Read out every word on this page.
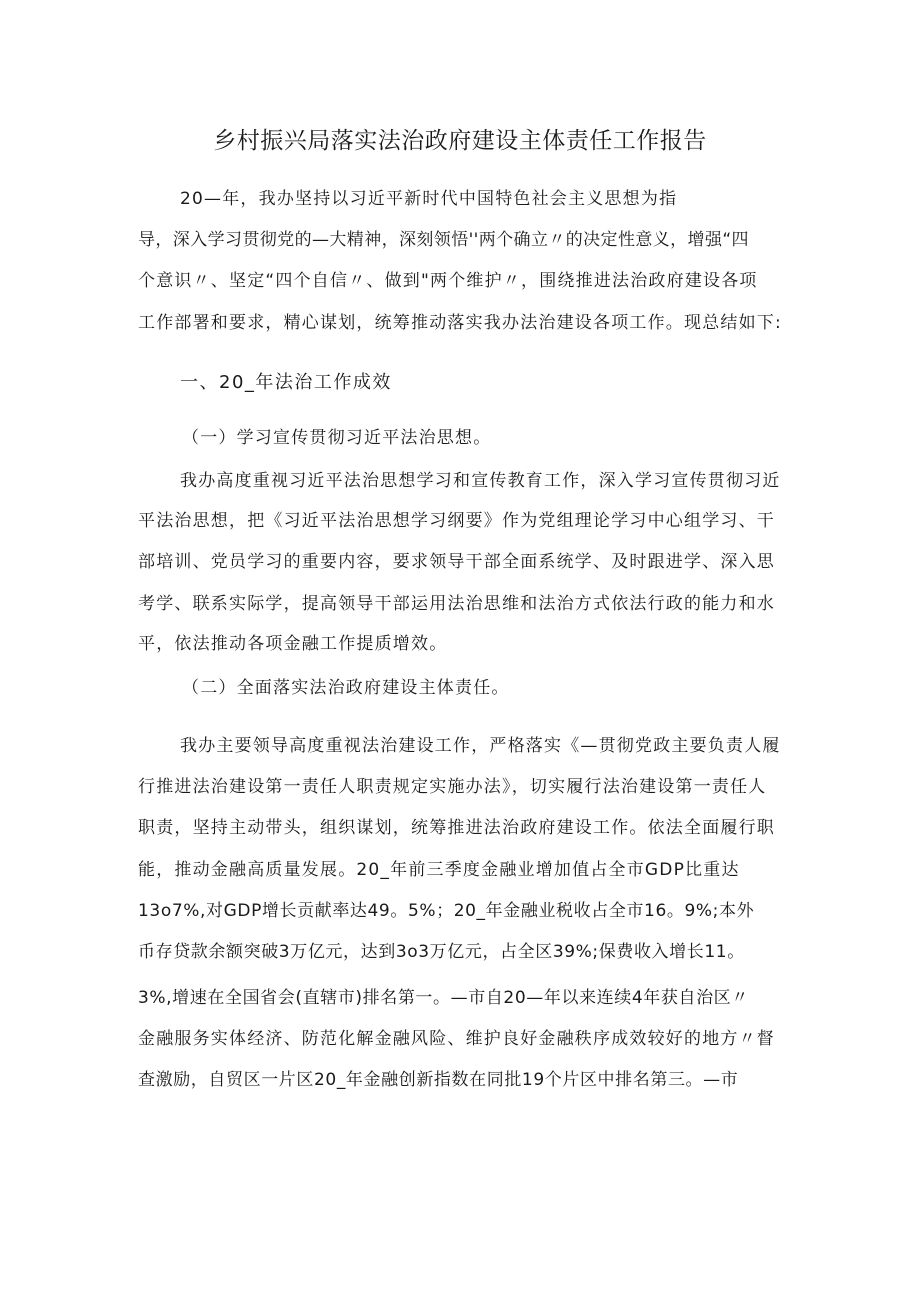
乡村振兴局落实法治政府建设主体责任工作报告
20—年，我办坚持以习近平新时代中国特色社会主义思想为指
导，深入学习贯彻党的—大精神，深刻领悟''两个确立〃的决定性意义，增强“四
个意识〃、坚定“四个自信〃、做到"两个维护〃，围绕推进法治政府建设各项
工作部署和要求，精心谋划，统筹推动落实我办法治建设各项工作。现总结如下:
一、20_年法治工作成效
（一）学习宣传贯彻习近平法治思想。
我办高度重视习近平法治思想学习和宣传教育工作，深入学习宣传贯彻习近
平法治思想，把《习近平法治思想学习纲要》作为党组理论学习中心组学习、干
部培训、党员学习的重要内容，要求领导干部全面系统学、及时跟进学、深入思
考学、联系实际学，提高领导干部运用法治思维和法治方式依法行政的能力和水
平，依法推动各项金融工作提质增效。
（二）全面落实法治政府建设主体责任。
我办主要领导高度重视法治建设工作，严格落实《—贯彻党政主要负责人履
行推进法治建设第一责任人职责规定实施办法》，切实履行法治建设第一责任人
职责，坚持主动带头，组织谋划，统筹推进法治政府建设工作。依法全面履行职
能，推动金融高质量发展。20_年前三季度金融业增加值占全市GDP比重达
13o7%,对GDP增长贡献率达49。5%；20_年金融业税收占全市16。9%;本外
币存贷款余额突破3万亿元，达到3o3万亿元，占全区39%;保费收入增长11。
3%,增速在全国省会(直辖市)排名第一。—市自20—年以来连续4年获自治区〃
金融服务实体经济、防范化解金融风险、维护良好金融秩序成效较好的地方〃督
查激励，自贸区一片区20_年金融创新指数在同批19个片区中排名第三。—市
